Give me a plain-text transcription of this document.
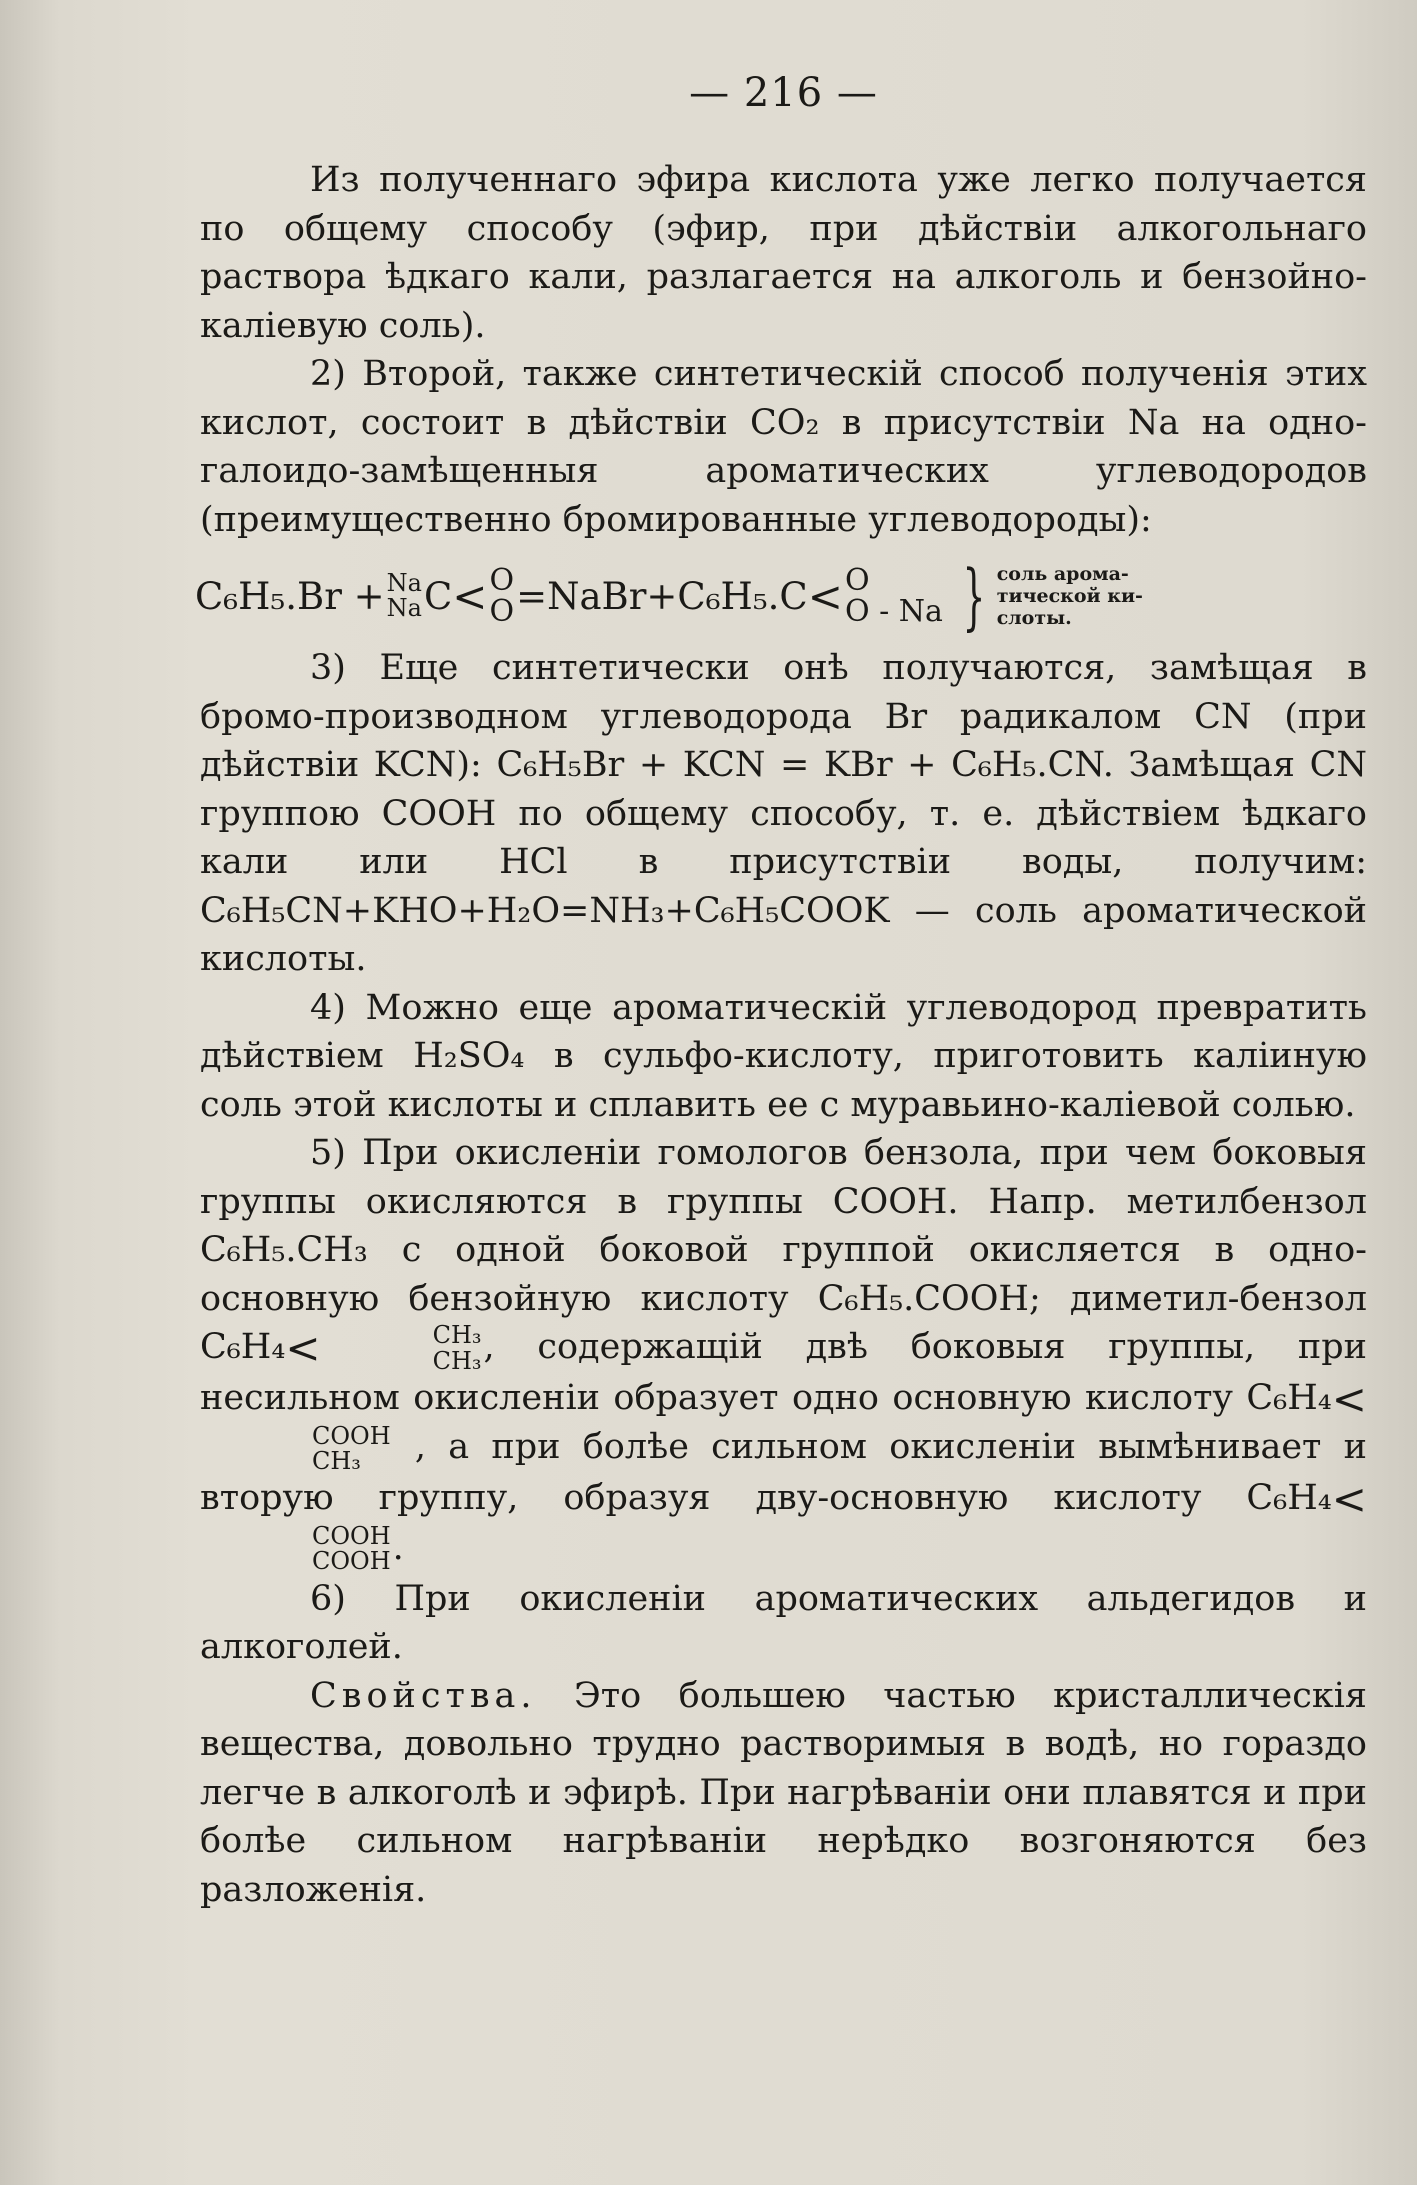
— 216 —

Из полученнаго эфира кислота уже легко получается по общему способу (эфир, при дѣйствіи алкогольнаго раствора ѣдкаго кали, разлагается на алкоголь и бензойно-каліевую соль).

2) Второй, также синтетическій способ полученія этих кислот, состоит в дѣйствіи CO₂ в присутствіи Na на одно-галоидо-замѣщенныя ароматических углеводородов (преимущественно бромированные углеводороды):

C₆H₅.Br + Na
Na C < O
O =NaBr+C₆H₅.C < O
O - Na } соль арома-
тической ки-
слоты.

3) Еще синтетически онѣ получаются, замѣщая в бромо-производном углеводорода Br радикалом CN (при дѣйствіи KCN): C₆H₅Br + KCN = KBr + C₆H₅.CN. Замѣщая CN группою COOH по общему способу, т. е. дѣйствіем ѣдкаго кали или HCl в присутствіи воды, получим: C₆H₅CN+KHO+H₂O=NH₃+C₆H₅COOK — соль ароматической кислоты.

4) Можно еще ароматическій углеводород превратить дѣйствіем H₂SO₄ в сульфо-кислоту, приготовить каліиную соль этой кислоты и сплавить ее с муравьино-каліевой солью.

5) При окисленіи гомологов бензола, при чем боковыя группы окисляются в группы COOH. Напр. метилбензол C₆H₅.CH₃ с одной боковой группой окисляется в одно-основную бензойную кислоту C₆H₅.COOH; диметил-бензол C₆H₄<	CH₃
CH₃ , содержащій двѣ боковыя группы, при несильном окисленіи образует одно основную кислоту C₆H₄<
COOH
CH₃ , а при болѣе сильном окисленіи вымѣнивает и вторую группу, образуя дву-основную кислоту C₆H₄<
COOH
COOH .

6) При окисленіи ароматических альдегидов и алкоголей.

Свойства. Это большею частью кристаллическія вещества, довольно трудно растворимыя в водѣ, но гораздо легче в алкоголѣ и эфирѣ. При нагрѣваніи они плавятся и при болѣе сильном нагрѣваніи нерѣдко возгоняются без разложенія.
